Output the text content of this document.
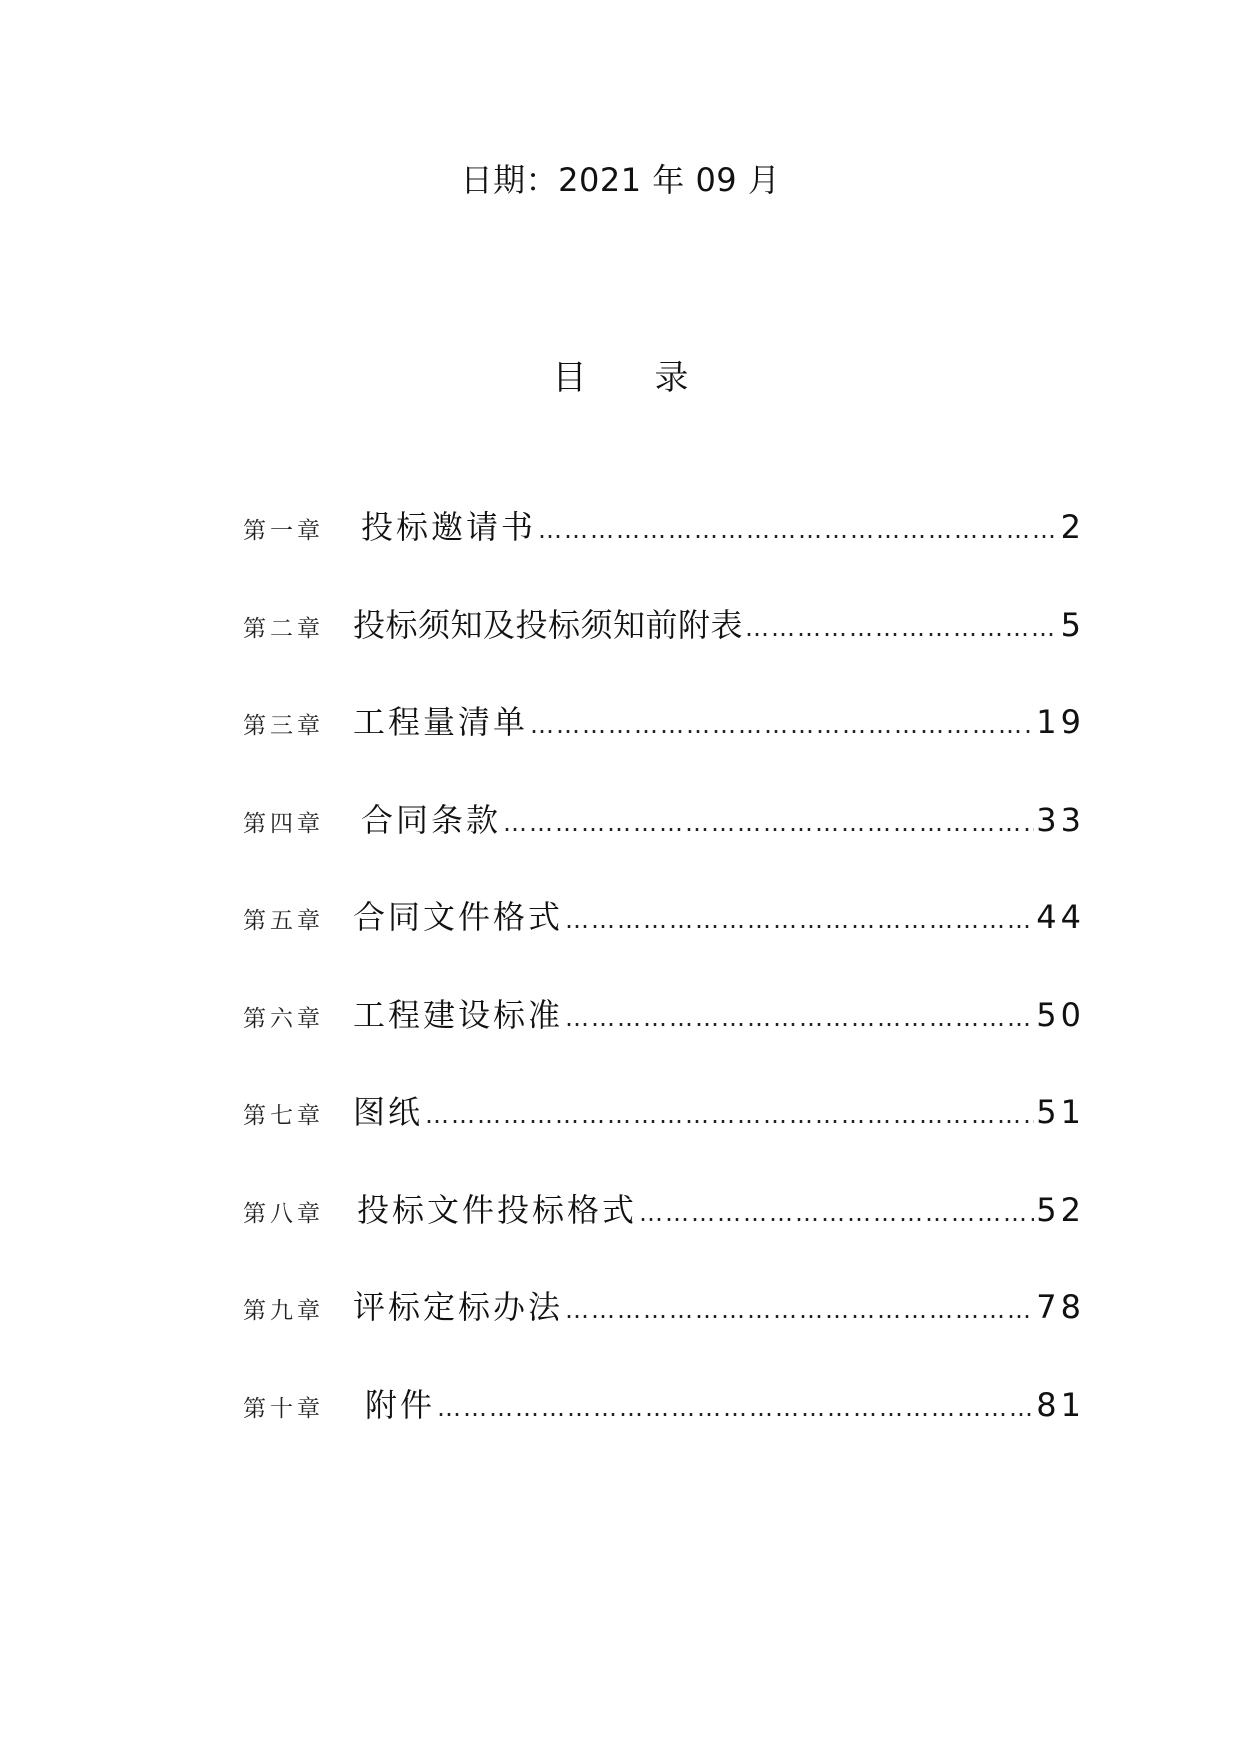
日期：2021 年 09 月
目 录
第一章	投标邀请书 …………………………………………………………………………………………………………………………	2
第二章 投标须知及投标须知前附表 …………………………………………………………………………………………………………………………	5
第三章 工程量清单 …………………………………………………………………………………………………………………………	19
第四章	合同条款 …………………………………………………………………………………………………………………………	33
第五章 合同文件格式 …………………………………………………………………………………………………………………………	44
第六章 工程建设标准 …………………………………………………………………………………………………………………………	50
第七章 图纸 …………………………………………………………………………………………………………………………	51
第八章	投标文件投标格式 …………………………………………………………………………………………………………………………	52
第九章 评标定标办法 …………………………………………………………………………………………………………………………	78
第十章	附件 …………………………………………………………………………………………………………………………	81
